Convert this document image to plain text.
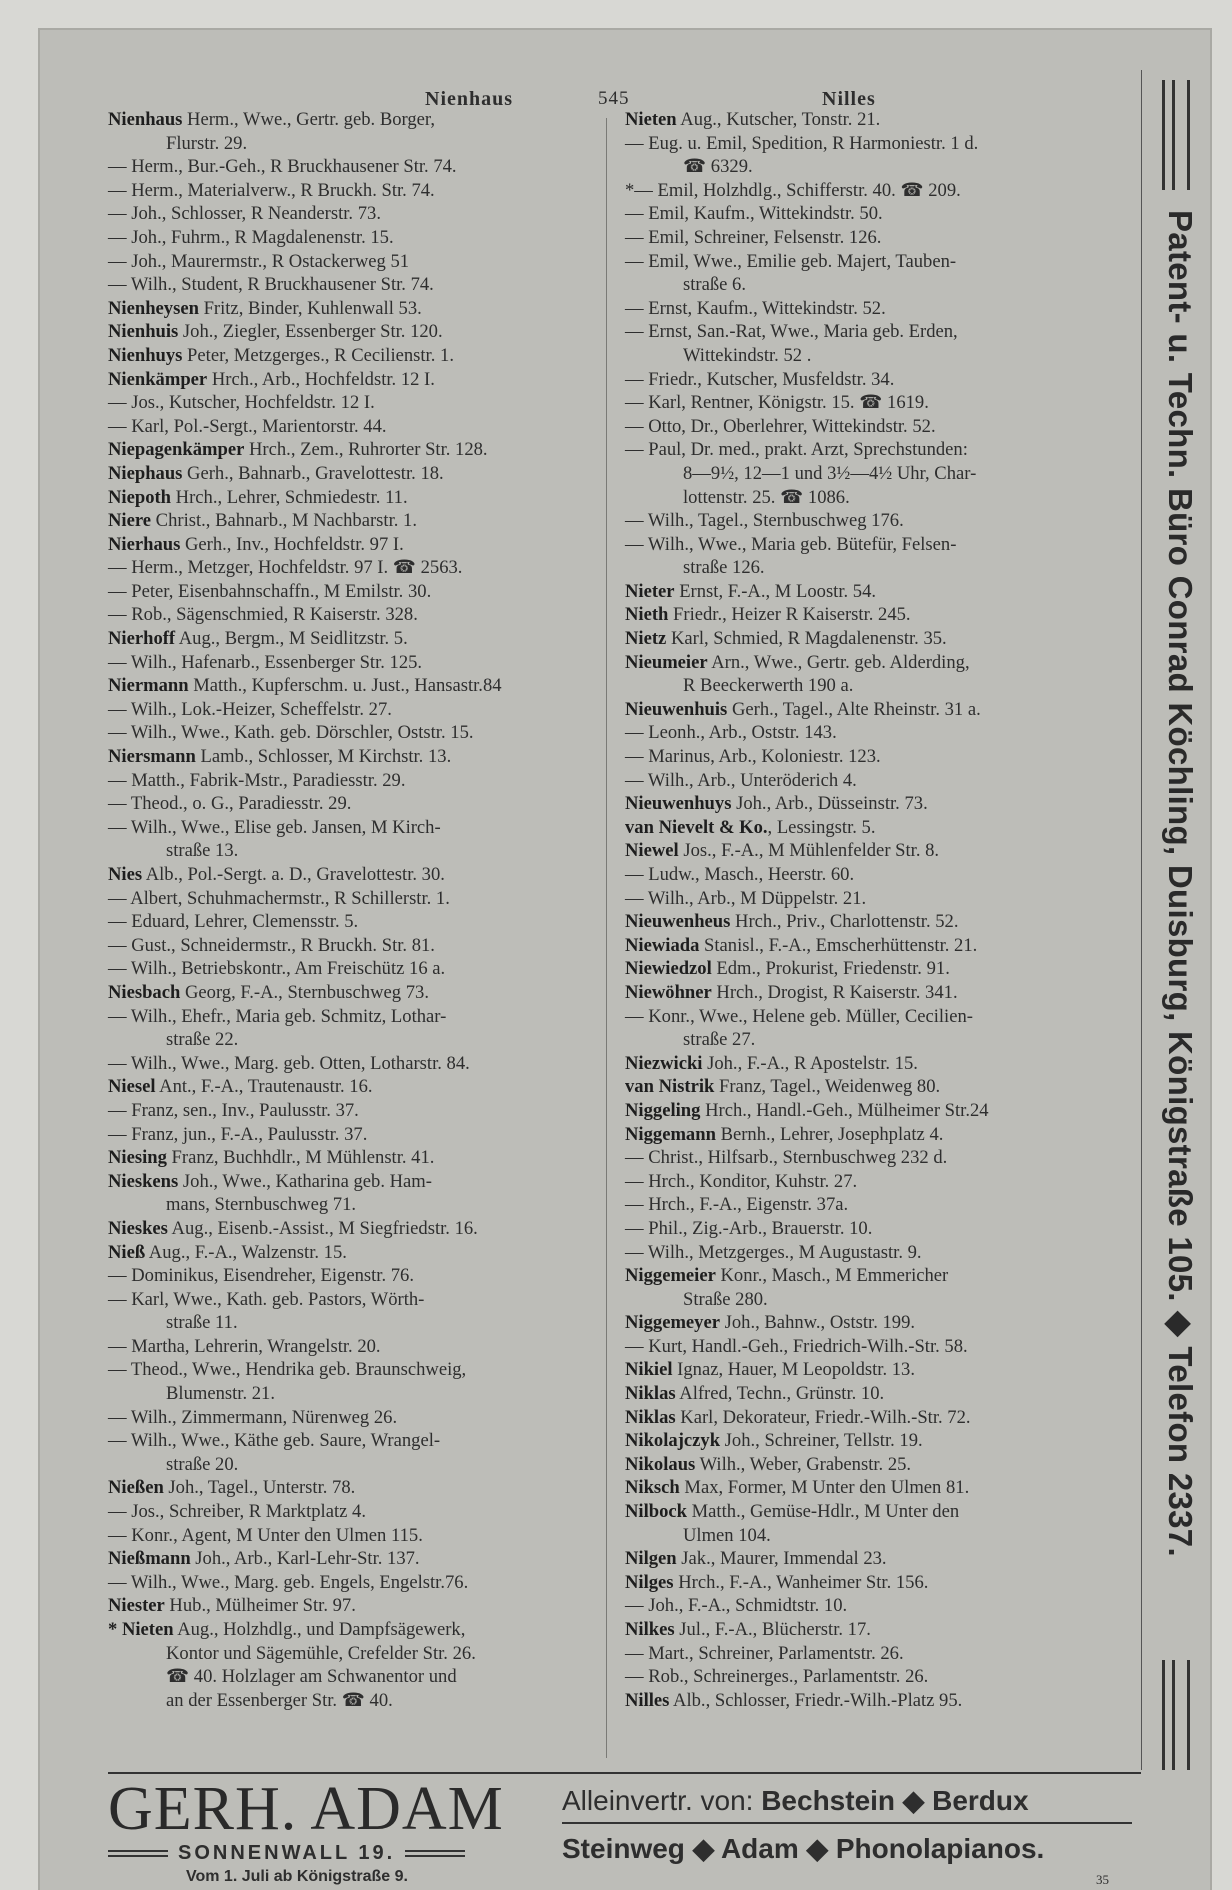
Nienhaus	545	Nilles
Nienhaus Herm., Wwe., Gertr. geb. Borger,
Flurstr. 29.
— Herm., Bur.-Geh., R Bruckhausener Str. 74.
— Herm., Materialverw., R Bruckh. Str. 74.
— Joh., Schlosser, R Neanderstr. 73.
— Joh., Fuhrm., R Magdalenenstr. 15.
— Joh., Maurermstr., R Ostackerweg 51
— Wilh., Student, R Bruckhausener Str. 74.
Nienheysen Fritz, Binder, Kuhlenwall 53.
Nienhuis Joh., Ziegler, Essenberger Str. 120.
Nienhuys Peter, Metzgerges., R Cecilienstr. 1.
Nienkämper Hrch., Arb., Hochfeldstr. 12 I.
— Jos., Kutscher, Hochfeldstr. 12 I.
— Karl, Pol.-Sergt., Marientorstr. 44.
Niepagenkämper Hrch., Zem., Ruhrorter Str. 128.
Niephaus Gerh., Bahnarb., Gravelottestr. 18.
Niepoth Hrch., Lehrer, Schmiedestr. 11.
Niere Christ., Bahnarb., M Nachbarstr. 1.
Nierhaus Gerh., Inv., Hochfeldstr. 97 I.
— Herm., Metzger, Hochfeldstr. 97 I. ☎ 2563.
— Peter, Eisenbahnschaffn., M Emilstr. 30.
— Rob., Sägenschmied, R Kaiserstr. 328.
Nierhoff Aug., Bergm., M Seidlitzstr. 5.
— Wilh., Hafenarb., Essenberger Str. 125.
Niermann Matth., Kupferschm. u. Just., Hansastr.84
— Wilh., Lok.-Heizer, Scheffelstr. 27.
— Wilh., Wwe., Kath. geb. Dörschler, Oststr. 15.
Niersmann Lamb., Schlosser, M Kirchstr. 13.
— Matth., Fabrik-Mstr., Paradiesstr. 29.
— Theod., o. G., Paradiesstr. 29.
— Wilh., Wwe., Elise geb. Jansen, M Kirch-
straße 13.
Nies Alb., Pol.-Sergt. a. D., Gravelottestr. 30.
— Albert, Schuhmachermstr., R Schillerstr. 1.
— Eduard, Lehrer, Clemensstr. 5.
— Gust., Schneidermstr., R Bruckh. Str. 81.
— Wilh., Betriebskontr., Am Freischütz 16 a.
Niesbach Georg, F.-A., Sternbuschweg 73.
— Wilh., Ehefr., Maria geb. Schmitz, Lothar-
straße 22.
— Wilh., Wwe., Marg. geb. Otten, Lotharstr. 84.
Niesel Ant., F.-A., Trautenaustr. 16.
— Franz, sen., Inv., Paulusstr. 37.
— Franz, jun., F.-A., Paulusstr. 37.
Niesing Franz, Buchhdlr., M Mühlenstr. 41.
Nieskens Joh., Wwe., Katharina geb. Ham-
mans, Sternbuschweg 71.
Nieskes Aug., Eisenb.-Assist., M Siegfriedstr. 16.
Nieß Aug., F.-A., Walzenstr. 15.
— Dominikus, Eisendreher, Eigenstr. 76.
— Karl, Wwe., Kath. geb. Pastors, Wörth-
straße 11.
— Martha, Lehrerin, Wrangelstr. 20.
— Theod., Wwe., Hendrika geb. Braunschweig,
Blumenstr. 21.
— Wilh., Zimmermann, Nürenweg 26.
— Wilh., Wwe., Käthe geb. Saure, Wrangel-
straße 20.
Nießen Joh., Tagel., Unterstr. 78.
— Jos., Schreiber, R Marktplatz 4.
— Konr., Agent, M Unter den Ulmen 115.
Nießmann Joh., Arb., Karl-Lehr-Str. 137.
— Wilh., Wwe., Marg. geb. Engels, Engelstr.76.
Niester Hub., Mülheimer Str. 97.
* Nieten Aug., Holzhdlg., und Dampfsägewerk,
Kontor und Sägemühle, Crefelder Str. 26.
☎ 40. Holzlager am Schwanentor und
an der Essenberger Str. ☎ 40.
Nieten Aug., Kutscher, Tonstr. 21.
— Eug. u. Emil, Spedition, R Harmoniestr. 1 d.
☎ 6329.
*— Emil, Holzhdlg., Schifferstr. 40. ☎ 209.
— Emil, Kaufm., Wittekindstr. 50.
— Emil, Schreiner, Felsenstr. 126.
— Emil, Wwe., Emilie geb. Majert, Tauben-
straße 6.
— Ernst, Kaufm., Wittekindstr. 52.
— Ernst, San.-Rat, Wwe., Maria geb. Erden,
Wittekindstr. 52 .
— Friedr., Kutscher, Musfeldstr. 34.
— Karl, Rentner, Königstr. 15. ☎ 1619.
— Otto, Dr., Oberlehrer, Wittekindstr. 52.
— Paul, Dr. med., prakt. Arzt, Sprechstunden:
8—9½, 12—1 und 3½—4½ Uhr, Char-
lottenstr. 25. ☎ 1086.
— Wilh., Tagel., Sternbuschweg 176.
— Wilh., Wwe., Maria geb. Bütefür, Felsen-
straße 126.
Nieter Ernst, F.-A., M Loostr. 54.
Nieth Friedr., Heizer R Kaiserstr. 245.
Nietz Karl, Schmied, R Magdalenenstr. 35.
Nieumeier Arn., Wwe., Gertr. geb. Alderding,
R Beeckerwerth 190 a.
Nieuwenhuis Gerh., Tagel., Alte Rheinstr. 31 a.
— Leonh., Arb., Oststr. 143.
— Marinus, Arb., Koloniestr. 123.
— Wilh., Arb., Unteröderich 4.
Nieuwenhuys Joh., Arb., Düsseinstr. 73.
van Nievelt & Ko., Lessingstr. 5.
Niewel Jos., F.-A., M Mühlenfelder Str. 8.
— Ludw., Masch., Heerstr. 60.
— Wilh., Arb., M Düppelstr. 21.
Nieuwenheus Hrch., Priv., Charlottenstr. 52.
Niewiada Stanisl., F.-A., Emscherhüttenstr. 21.
Niewiedzol Edm., Prokurist, Friedenstr. 91.
Niewöhner Hrch., Drogist, R Kaiserstr. 341.
— Konr., Wwe., Helene geb. Müller, Cecilien-
straße 27.
Niezwicki Joh., F.-A., R Apostelstr. 15.
van Nistrik Franz, Tagel., Weidenweg 80.
Niggeling Hrch., Handl.-Geh., Mülheimer Str.24
Niggemann Bernh., Lehrer, Josephplatz 4.
— Christ., Hilfsarb., Sternbuschweg 232 d.
— Hrch., Konditor, Kuhstr. 27.
— Hrch., F.-A., Eigenstr. 37a.
— Phil., Zig.-Arb., Brauerstr. 10.
— Wilh., Metzgerges., M Augustastr. 9.
Niggemeier Konr., Masch., M Emmericher
Straße 280.
Niggemeyer Joh., Bahnw., Oststr. 199.
— Kurt, Handl.-Geh., Friedrich-Wilh.-Str. 58.
Nikiel Ignaz, Hauer, M Leopoldstr. 13.
Niklas Alfred, Techn., Grünstr. 10.
Niklas Karl, Dekorateur, Friedr.-Wilh.-Str. 72.
Nikolajczyk Joh., Schreiner, Tellstr. 19.
Nikolaus Wilh., Weber, Grabenstr. 25.
Niksch Max, Former, M Unter den Ulmen 81.
Nilbock Matth., Gemüse-Hdlr., M Unter den
Ulmen 104.
Nilgen Jak., Maurer, Immendal 23.
Nilges Hrch., F.-A., Wanheimer Str. 156.
— Joh., F.-A., Schmidtstr. 10.
Nilkes Jul., F.-A., Blücherstr. 17.
— Mart., Schreiner, Parlamentstr. 26.
— Rob., Schreinerges., Parlamentstr. 26.
Nilles Alb., Schlosser, Friedr.-Wilh.-Platz 95.
Patent- u. Techn. Büro Conrad Köchling, Duisburg, Königstraße 105. ◆ Telefon 2337.
GERH. ADAM
SONNENWALL 19.
Vom 1. Juli ab Königstraße 9.
Alleinvertr. von: Bechstein ◆ Berdux
Steinweg ◆ Adam ◆ Phonolapianos.
35
